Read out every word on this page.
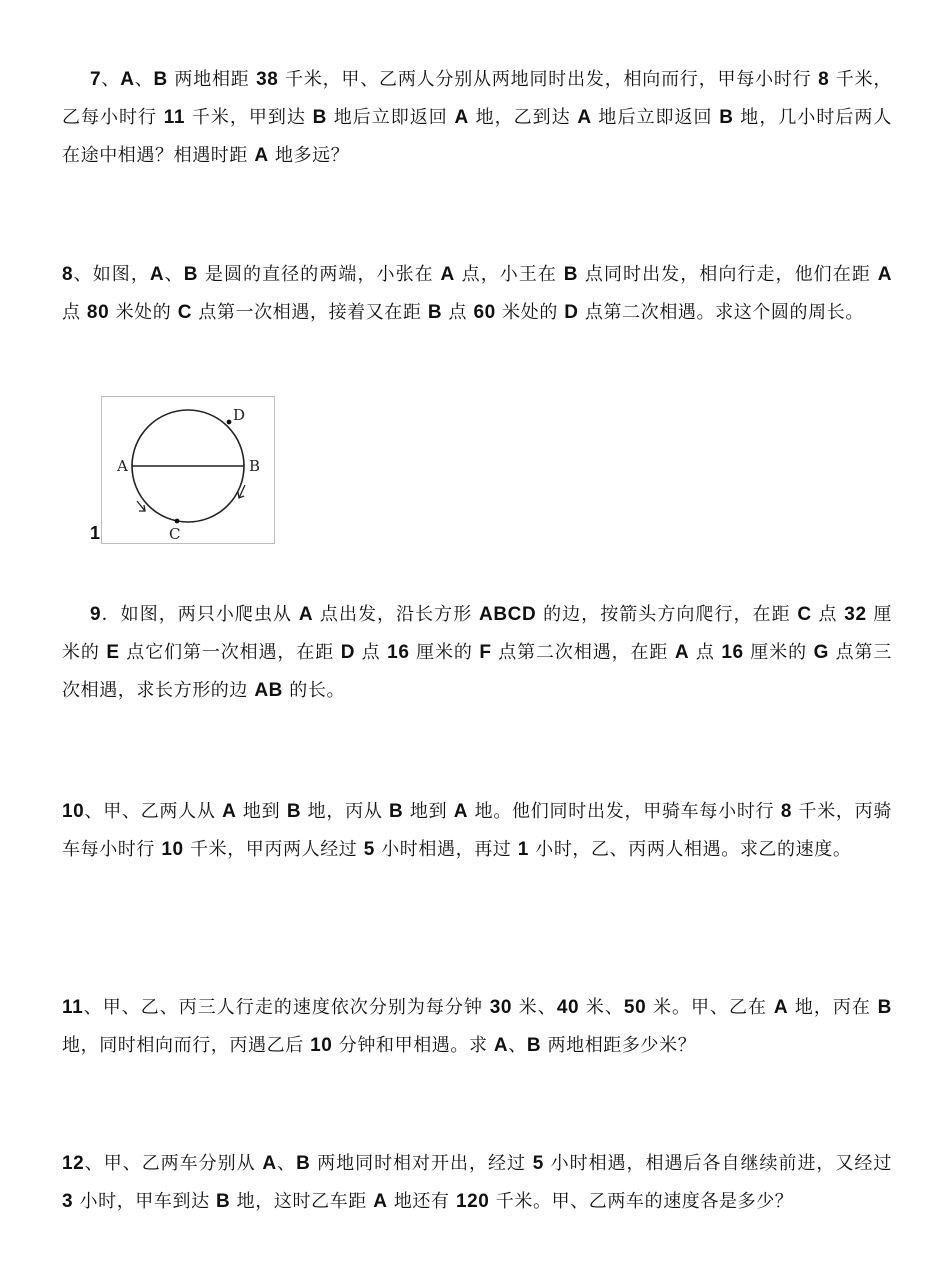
7、A、B 两地相距 38 千米，甲、乙两人分别从两地同时出发，相向而行，甲每小时行 8 千米，乙每小时行 11 千米，甲到达 B 地后立即返回 A 地，乙到达 A 地后立即返回 B 地，几小时后两人在途中相遇？相遇时距 A 地多远？

8、如图，A、B 是圆的直径的两端，小张在 A 点，小王在 B 点同时出发，相向行走，他们在距 A 点 80 米处的 C 点第一次相遇，接着又在距 B 点 60 米处的 D 点第二次相遇。求这个圆的周长。

1
A	B
C
D

9．如图，两只小爬虫从 A 点出发，沿长方形 ABCD 的边，按箭头方向爬行，在距 C 点 32 厘米的 E 点它们第一次相遇，在距 D 点 16 厘米的 F 点第二次相遇，在距 A 点 16 厘米的 G 点第三次相遇，求长方形的边 AB 的长。

10、甲、乙两人从 A 地到 B 地，丙从 B 地到 A 地。他们同时出发，甲骑车每小时行 8 千米，丙骑车每小时行 10 千米，甲丙两人经过 5 小时相遇，再过 1 小时，乙、丙两人相遇。求乙的速度。

11、甲、乙、丙三人行走的速度依次分别为每分钟 30 米、40 米、50 米。甲、乙在 A 地，丙在 B 地，同时相向而行，丙遇乙后 10 分钟和甲相遇。求 A、B 两地相距多少米？

12、甲、乙两车分别从 A、B 两地同时相对开出，经过 5 小时相遇，相遇后各自继续前进，又经过 3 小时，甲车到达 B 地，这时乙车距 A 地还有 120 千米。甲、乙两车的速度各是多少？
